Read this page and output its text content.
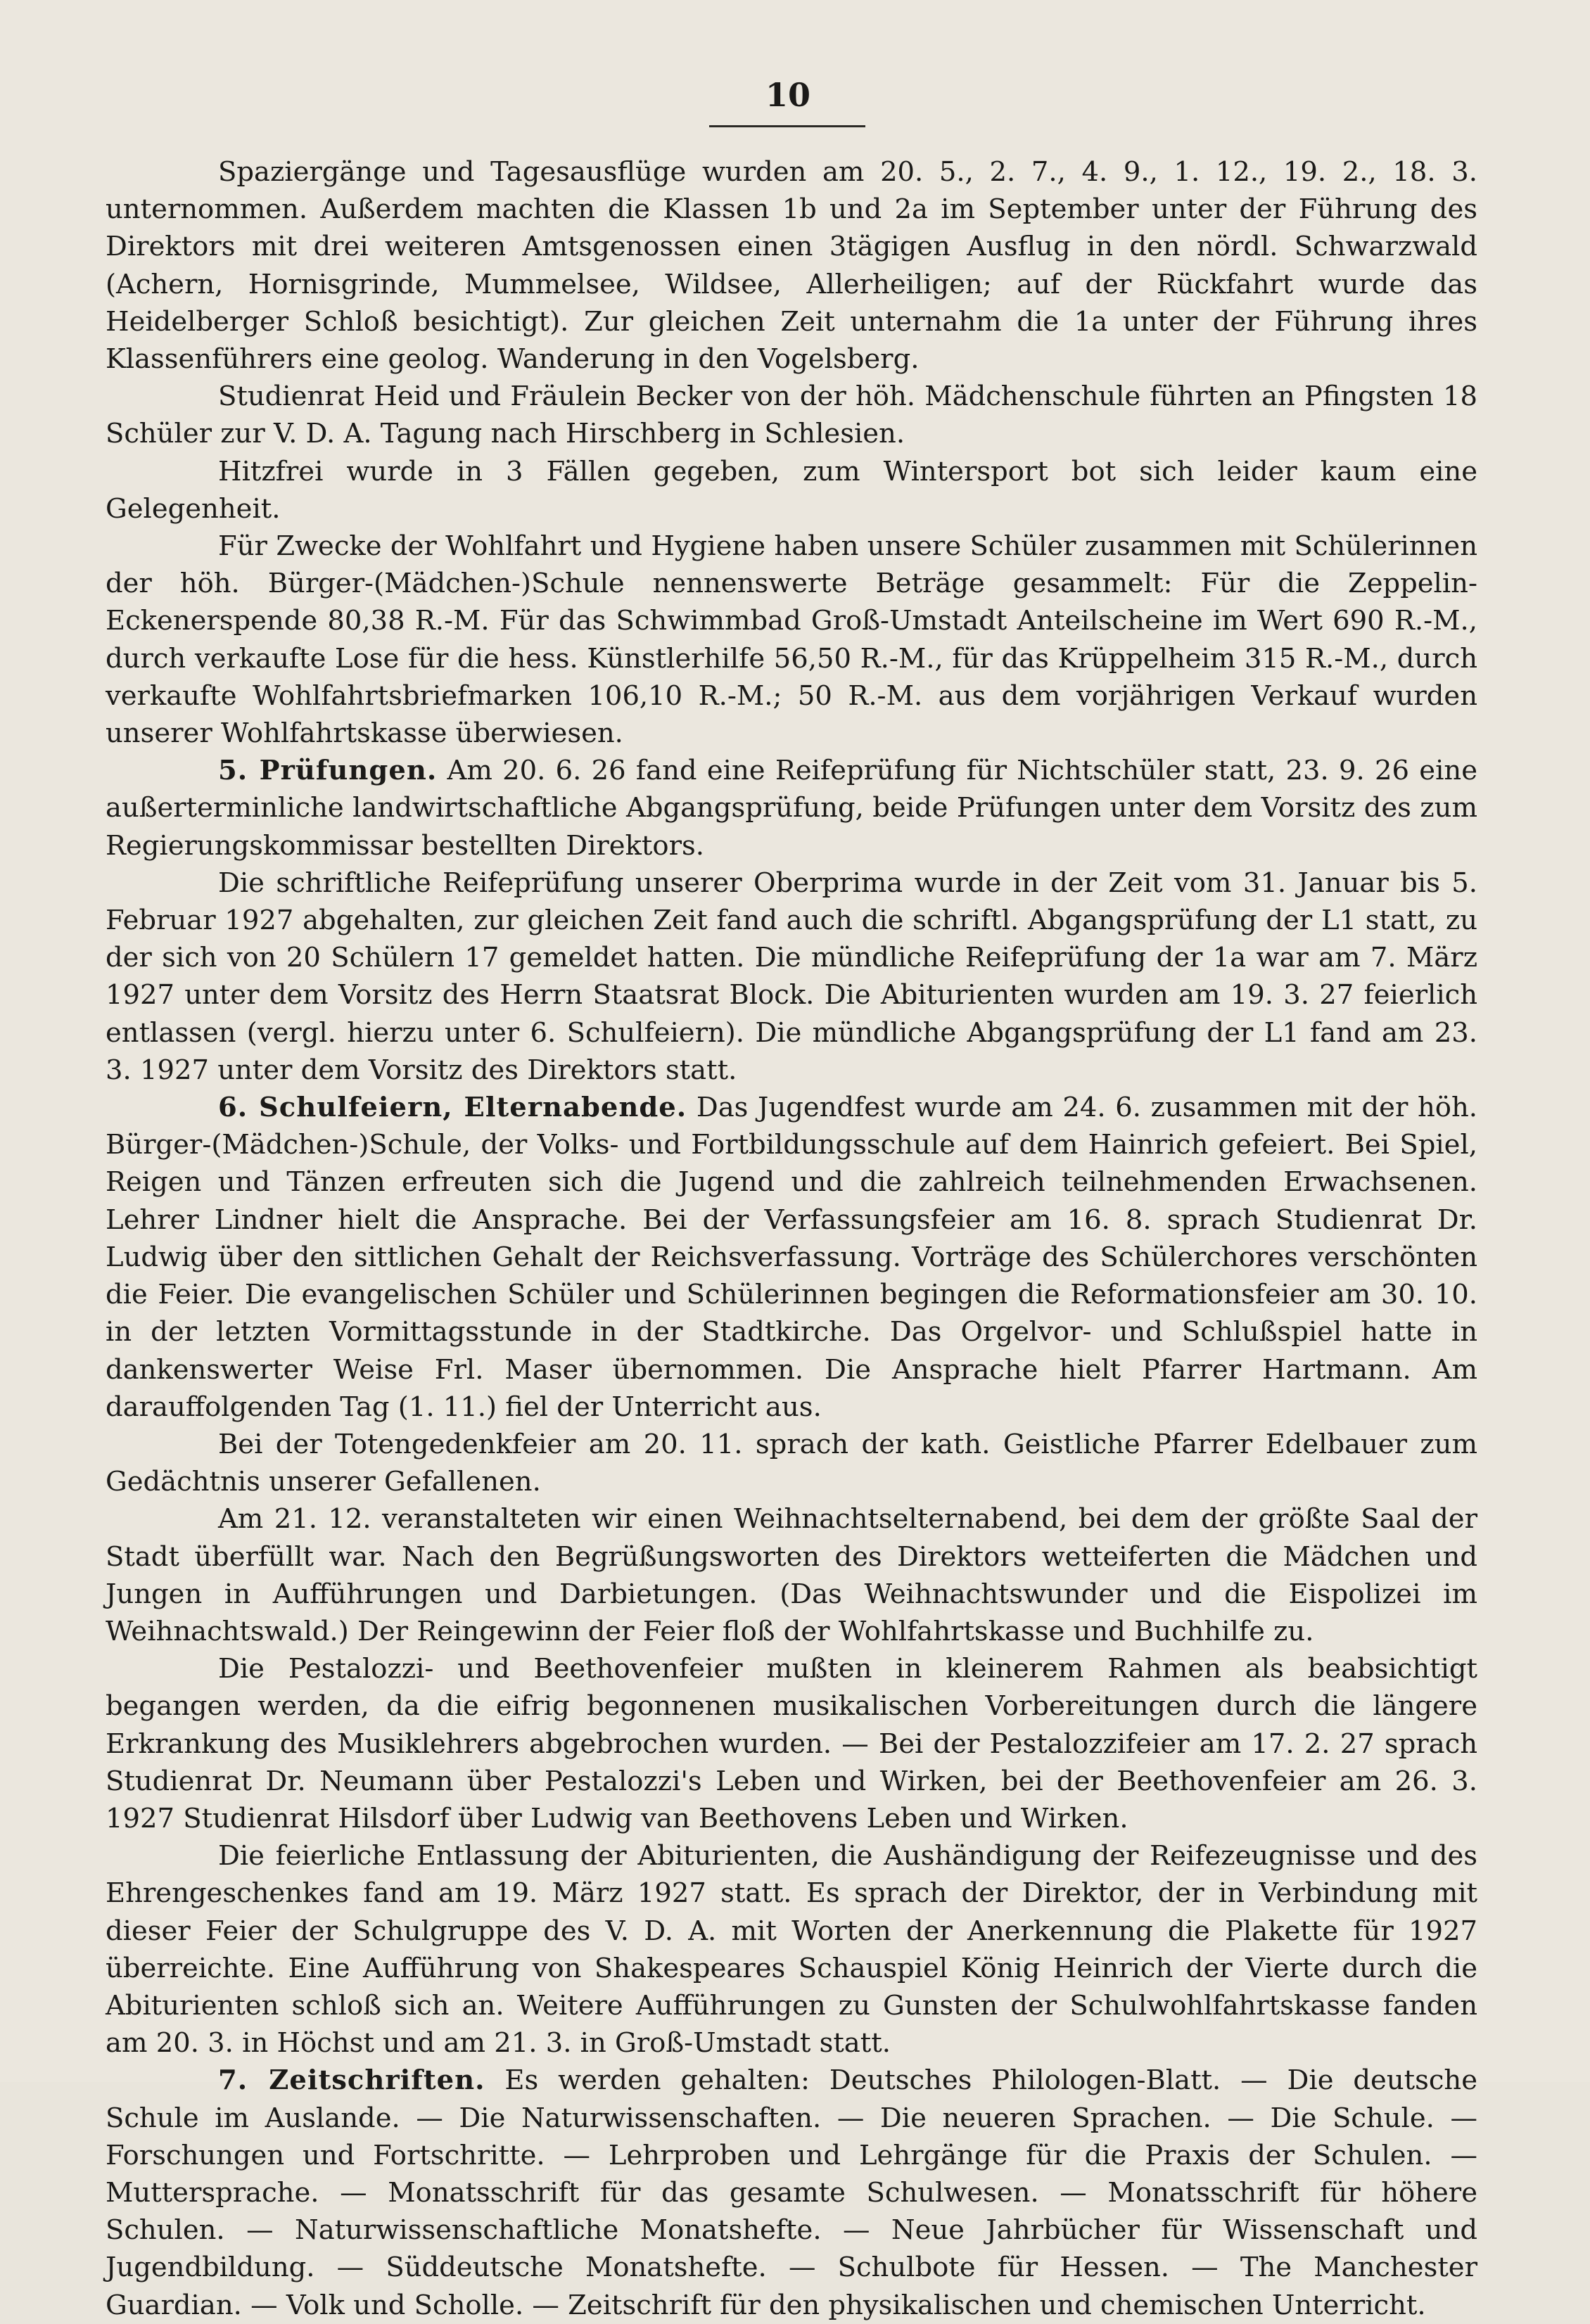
10

Spaziergänge und Tagesausflüge wurden am 20. 5., 2. 7., 4. 9., 1. 12., 19. 2., 18. 3. unternommen. Außerdem machten die Klassen 1b und 2a im September unter der Führung des Direktors mit drei weiteren Amtsgenossen einen 3tägigen Ausflug in den nördl. Schwarzwald (Achern, Hornisgrinde, Mummelsee, Wildsee, Allerheiligen; auf der Rückfahrt wurde das Heidelberger Schloß besichtigt). Zur gleichen Zeit unternahm die 1a unter der Führung ihres Klassenführers eine geolog. Wanderung in den Vogelsberg.

Studienrat Heid und Fräulein Becker von der höh. Mädchenschule führten an Pfingsten 18 Schüler zur V. D. A. Tagung nach Hirschberg in Schlesien.

Hitzfrei wurde in 3 Fällen gegeben, zum Wintersport bot sich leider kaum eine Gelegenheit.

Für Zwecke der Wohlfahrt und Hygiene haben unsere Schüler zusammen mit Schülerinnen der höh. Bürger-(Mädchen-)Schule nennenswerte Beträge gesammelt: Für die Zeppelin-Eckenerspende 80,38 R.-M. Für das Schwimmbad Groß-Umstadt Anteilscheine im Wert 690 R.-M., durch verkaufte Lose für die hess. Künstlerhilfe 56,50 R.-M., für das Krüppelheim 315 R.-M., durch verkaufte Wohlfahrtsbriefmarken 106,10 R.-M.; 50 R.-M. aus dem vorjährigen Verkauf wurden unserer Wohlfahrtskasse überwiesen.

5. Prüfungen. Am 20. 6. 26 fand eine Reifeprüfung für Nichtschüler statt, 23. 9. 26 eine außerterminliche landwirtschaftliche Abgangsprüfung, beide Prüfungen unter dem Vorsitz des zum Regierungskommissar bestellten Direktors.

Die schriftliche Reifeprüfung unserer Oberprima wurde in der Zeit vom 31. Januar bis 5. Februar 1927 abgehalten, zur gleichen Zeit fand auch die schriftl. Abgangsprüfung der L1 statt, zu der sich von 20 Schülern 17 gemeldet hatten. Die mündliche Reifeprüfung der 1a war am 7. März 1927 unter dem Vorsitz des Herrn Staatsrat Block. Die Abiturienten wurden am 19. 3. 27 feierlich entlassen (vergl. hierzu unter 6. Schulfeiern). Die mündliche Abgangsprüfung der L1 fand am 23. 3. 1927 unter dem Vorsitz des Direktors statt.

6. Schulfeiern, Elternabende. Das Jugendfest wurde am 24. 6. zusammen mit der höh. Bürger-(Mädchen-)Schule, der Volks- und Fortbildungsschule auf dem Hainrich gefeiert. Bei Spiel, Reigen und Tänzen erfreuten sich die Jugend und die zahlreich teilnehmenden Erwachsenen. Lehrer Lindner hielt die Ansprache. Bei der Verfassungsfeier am 16. 8. sprach Studienrat Dr. Ludwig über den sittlichen Gehalt der Reichsverfassung. Vorträge des Schülerchores verschönten die Feier. Die evangelischen Schüler und Schülerinnen begingen die Reformationsfeier am 30. 10. in der letzten Vormittagsstunde in der Stadtkirche. Das Orgelvor- und Schlußspiel hatte in dankenswerter Weise Frl. Maser übernommen. Die Ansprache hielt Pfarrer Hartmann. Am darauffolgenden Tag (1. 11.) fiel der Unterricht aus.

Bei der Totengedenkfeier am 20. 11. sprach der kath. Geistliche Pfarrer Edelbauer zum Gedächtnis unserer Gefallenen.

Am 21. 12. veranstalteten wir einen Weihnachtselternabend, bei dem der größte Saal der Stadt überfüllt war. Nach den Begrüßungsworten des Direktors wetteiferten die Mädchen und Jungen in Aufführungen und Darbietungen. (Das Weihnachtswunder und die Eispolizei im Weihnachtswald.) Der Reingewinn der Feier floß der Wohlfahrtskasse und Buchhilfe zu.

Die Pestalozzi- und Beethovenfeier mußten in kleinerem Rahmen als beabsichtigt begangen werden, da die eifrig begonnenen musikalischen Vorbereitungen durch die längere Erkrankung des Musiklehrers abgebrochen wurden. — Bei der Pestalozzifeier am 17. 2. 27 sprach Studienrat Dr. Neumann über Pestalozzi's Leben und Wirken, bei der Beethovenfeier am 26. 3. 1927 Studienrat Hilsdorf über Ludwig van Beethovens Leben und Wirken.

Die feierliche Entlassung der Abiturienten, die Aushändigung der Reifezeugnisse und des Ehrengeschenkes fand am 19. März 1927 statt. Es sprach der Direktor, der in Verbindung mit dieser Feier der Schulgruppe des V. D. A. mit Worten der Anerkennung die Plakette für 1927 überreichte. Eine Aufführung von Shakespeares Schauspiel König Heinrich der Vierte durch die Abiturienten schloß sich an. Weitere Aufführungen zu Gunsten der Schulwohlfahrtskasse fanden am 20. 3. in Höchst und am 21. 3. in Groß-Umstadt statt.

7. Zeitschriften. Es werden gehalten: Deutsches Philologen-Blatt. — Die deutsche Schule im Auslande. — Die Naturwissenschaften. — Die neueren Sprachen. — Die Schule. — Forschungen und Fortschritte. — Lehrproben und Lehrgänge für die Praxis der Schulen. — Muttersprache. — Monatsschrift für das gesamte Schulwesen. — Monatsschrift für höhere Schulen. — Naturwissenschaftliche Monatshefte. — Neue Jahrbücher für Wissenschaft und Jugendbildung. — Süddeutsche Monatshefte. — Schulbote für Hessen. — The Manchester Guardian. — Volk und Scholle. — Zeitschrift für den physikalischen und chemischen Unterricht.
